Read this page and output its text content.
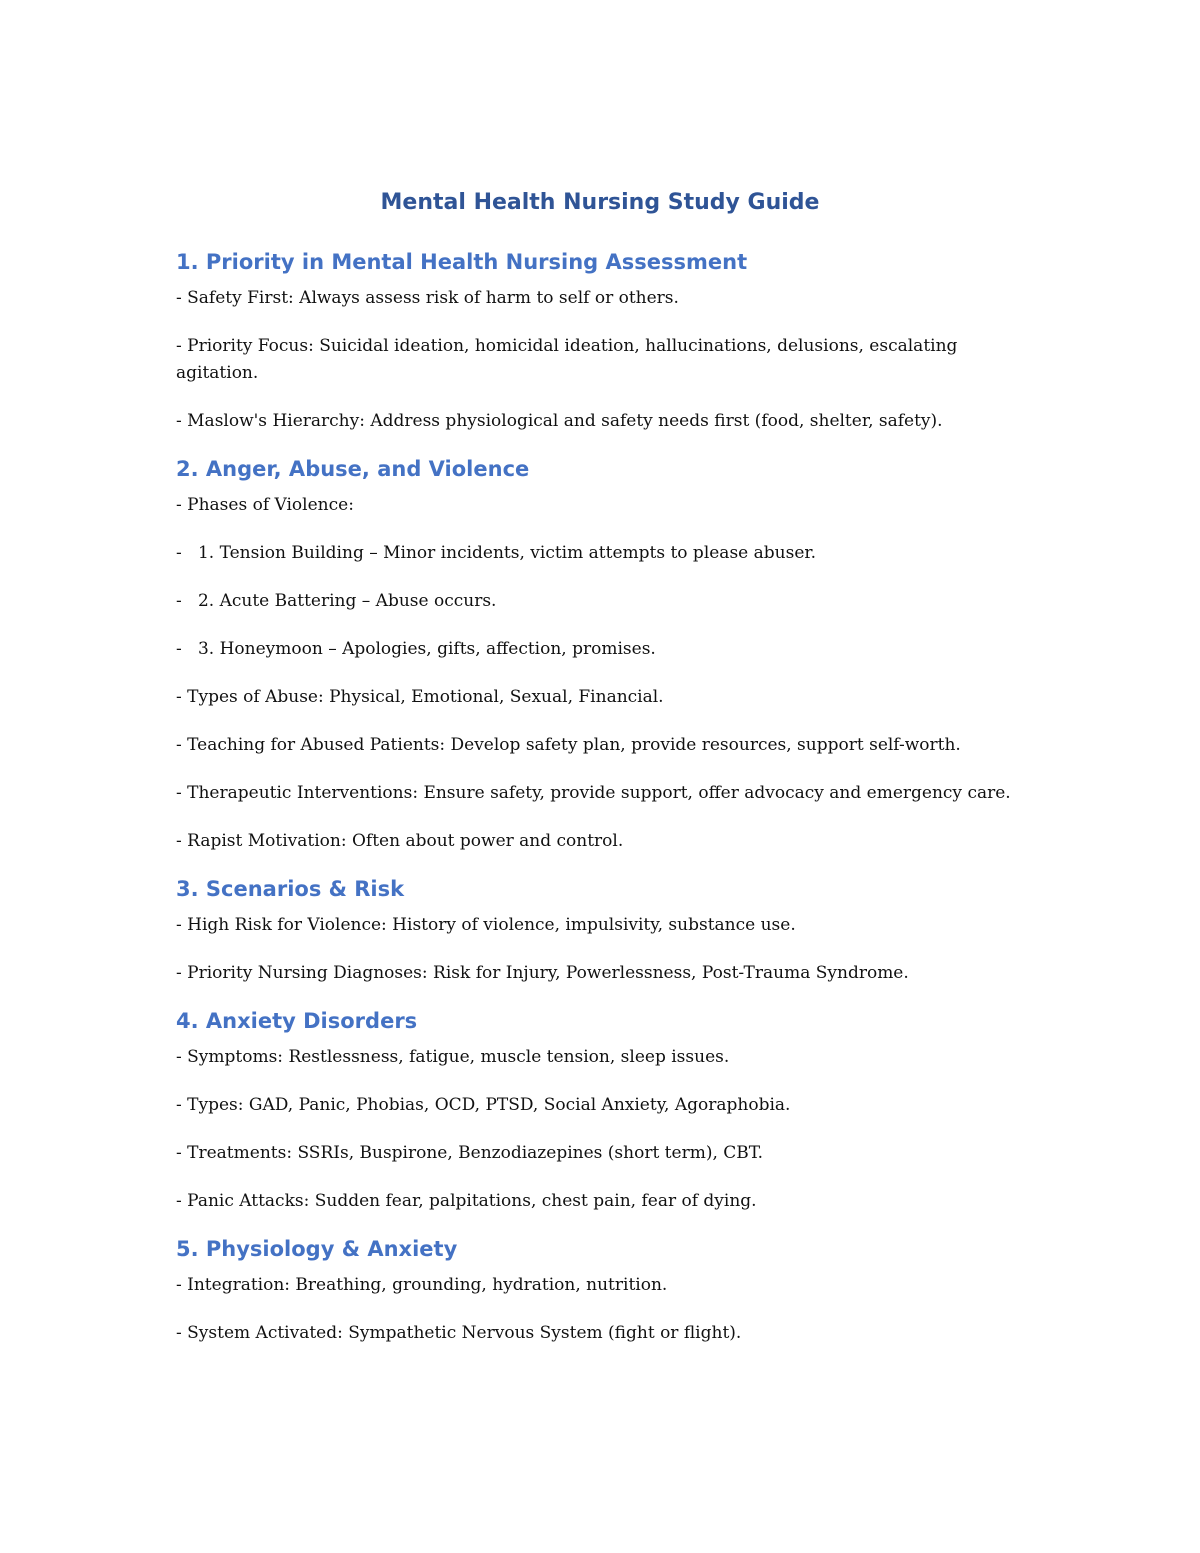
Mental Health Nursing Study Guide
1. Priority in Mental Health Nursing Assessment

- Safety First: Always assess risk of harm to self or others.

- Priority Focus: Suicidal ideation, homicidal ideation, hallucinations, delusions, escalating agitation.

- Maslow's Hierarchy: Address physiological and safety needs first (food, shelter, safety).

2. Anger, Abuse, and Violence

- Phases of Violence:

-   1. Tension Building – Minor incidents, victim attempts to please abuser.

-   2. Acute Battering – Abuse occurs.

-   3. Honeymoon – Apologies, gifts, affection, promises.

- Types of Abuse: Physical, Emotional, Sexual, Financial.

- Teaching for Abused Patients: Develop safety plan, provide resources, support self-worth.

- Therapeutic Interventions: Ensure safety, provide support, offer advocacy and emergency care.

- Rapist Motivation: Often about power and control.

3. Scenarios & Risk

- High Risk for Violence: History of violence, impulsivity, substance use.

- Priority Nursing Diagnoses: Risk for Injury, Powerlessness, Post-Trauma Syndrome.

4. Anxiety Disorders

- Symptoms: Restlessness, fatigue, muscle tension, sleep issues.

- Types: GAD, Panic, Phobias, OCD, PTSD, Social Anxiety, Agoraphobia.

- Treatments: SSRIs, Buspirone, Benzodiazepines (short term), CBT.

- Panic Attacks: Sudden fear, palpitations, chest pain, fear of dying.

5. Physiology & Anxiety

- Integration: Breathing, grounding, hydration, nutrition.

- System Activated: Sympathetic Nervous System (fight or flight).
